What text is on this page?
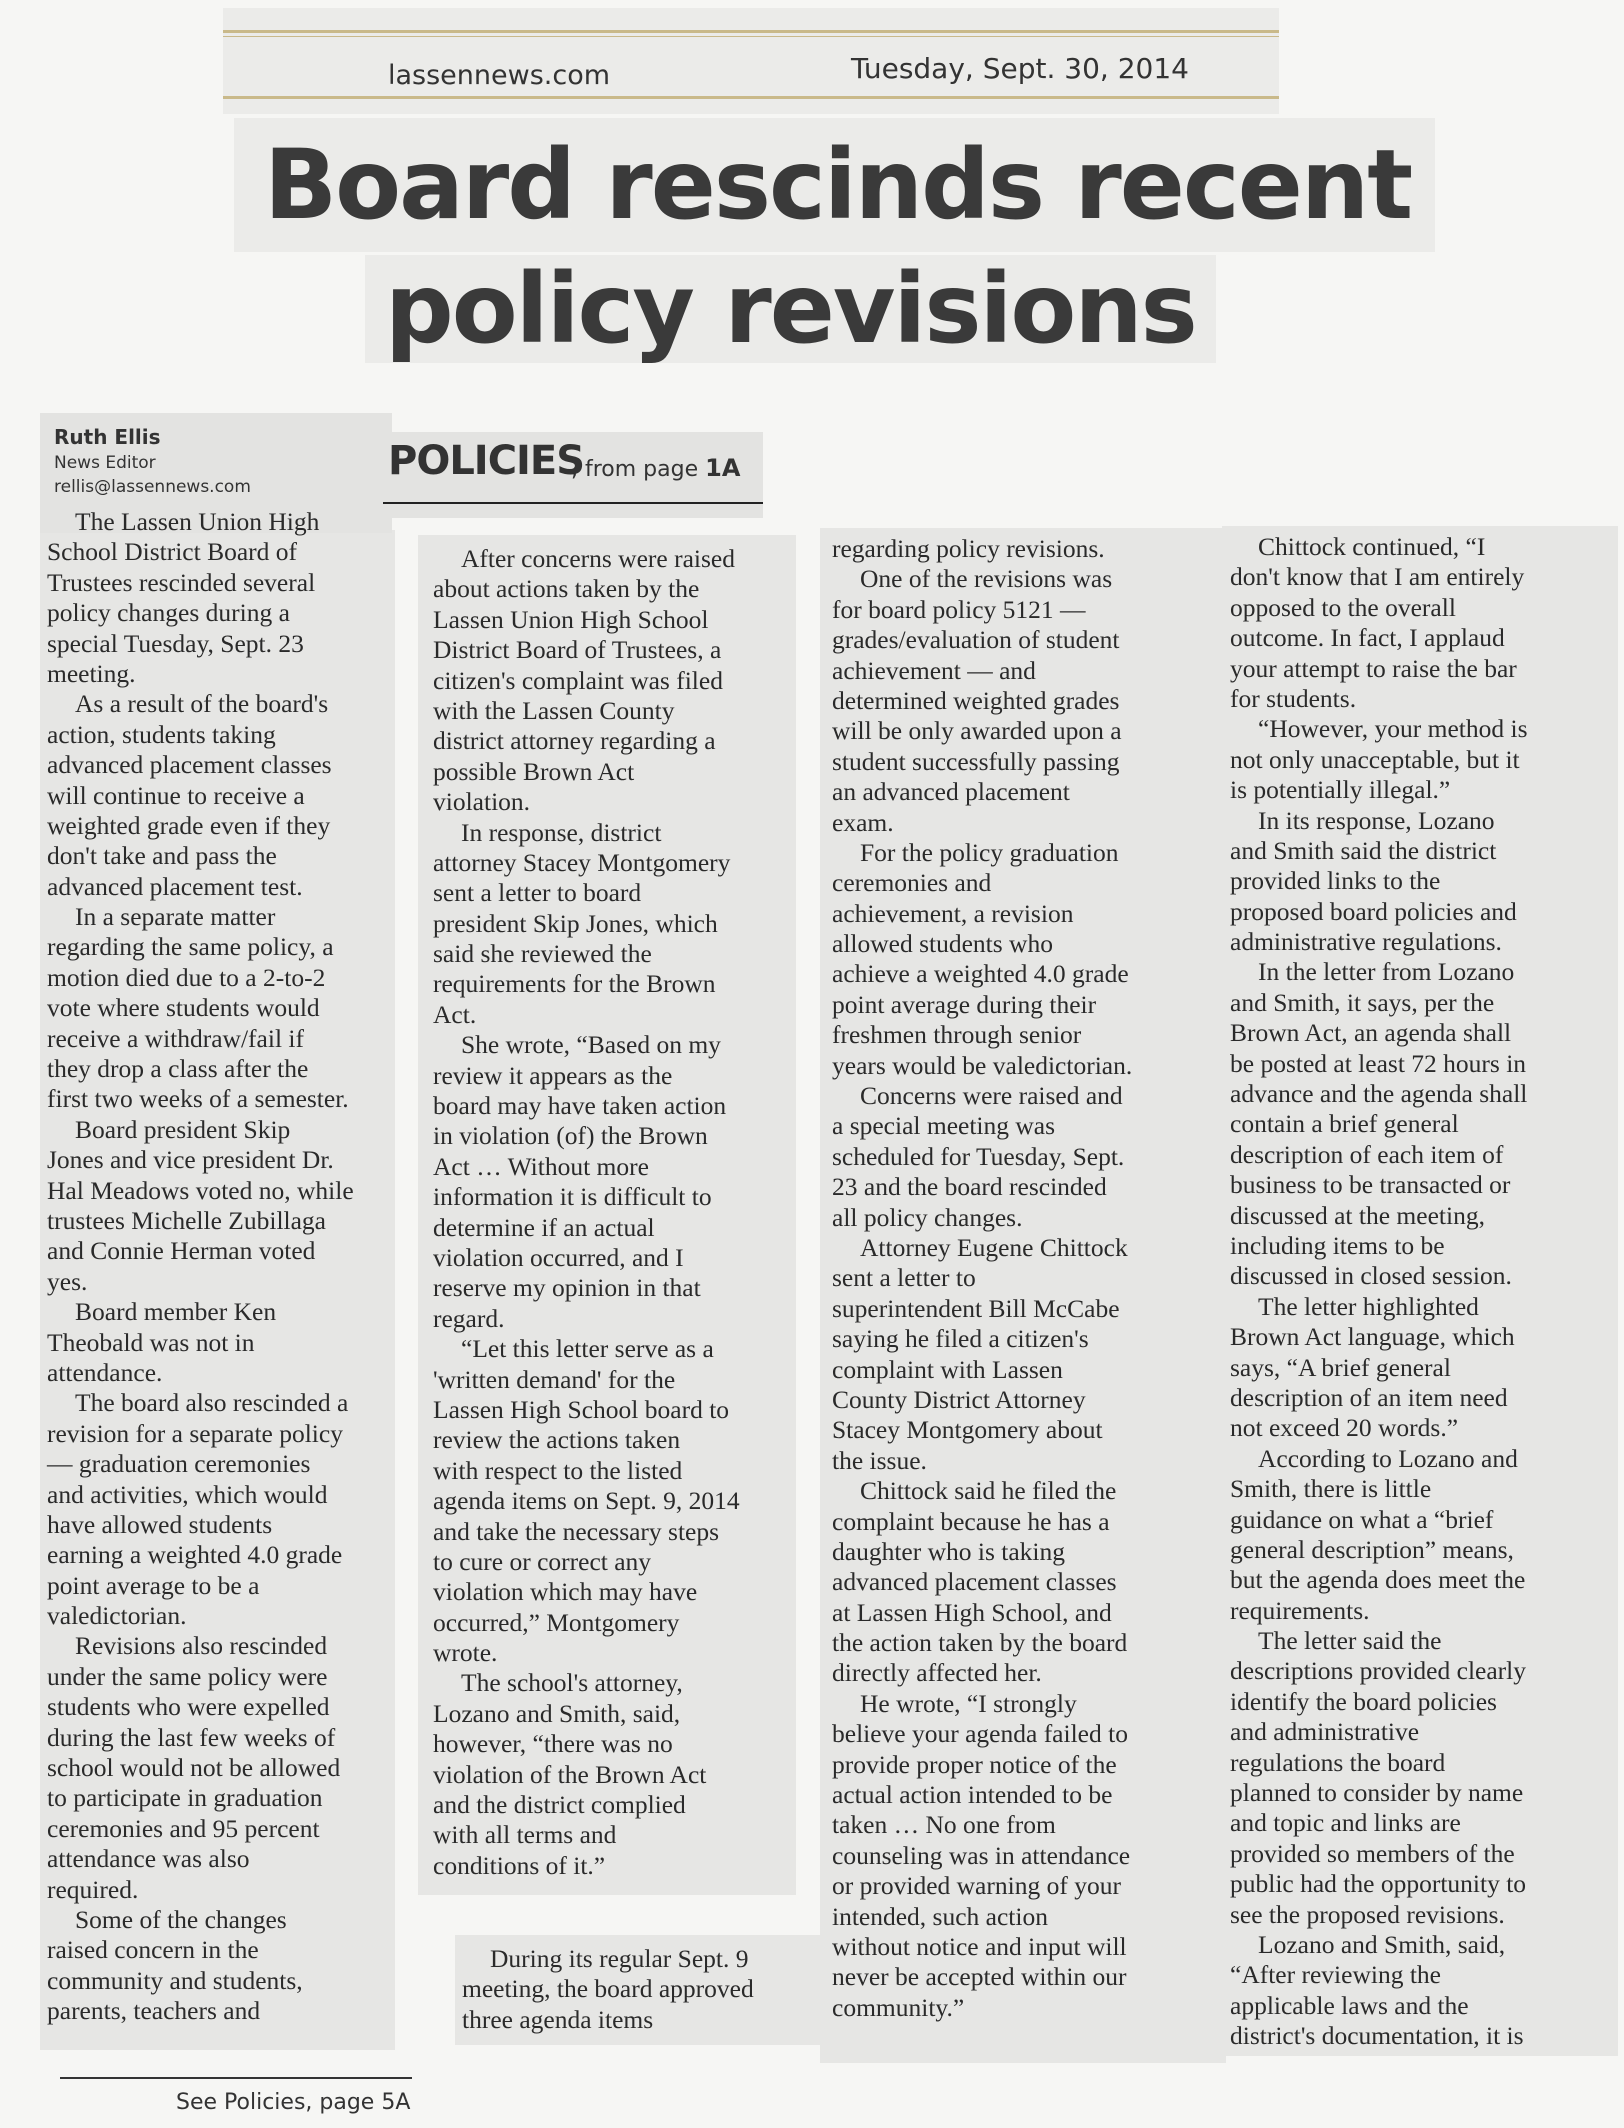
lassennews.com	Tuesday, Sept. 30, 2014
Board rescinds recent
policy revisions
Ruth Ellis
News Editor
rellis@lassennews.com
POLICIES
, from page 1A
The Lassen Union High
School District Board of
Trustees rescinded several
policy changes during a
special Tuesday, Sept. 23
meeting.
As a result of the board's
action, students taking
advanced placement classes
will continue to receive a
weighted grade even if they
don't take and pass the
advanced placement test.
In a separate matter
regarding the same policy, a
motion died due to a 2-to-2
vote where students would
receive a withdraw/fail if
they drop a class after the
first two weeks of a semester.
Board president Skip
Jones and vice president Dr.
Hal Meadows voted no, while
trustees Michelle Zubillaga
and Connie Herman voted
yes.
Board member Ken
Theobald was not in
attendance.
The board also rescinded a
revision for a separate policy
— graduation ceremonies
and activities, which would
have allowed students
earning a weighted 4.0 grade
point average to be a
valedictorian.
Revisions also rescinded
under the same policy were
students who were expelled
during the last few weeks of
school would not be allowed
to participate in graduation
ceremonies and 95 percent
attendance was also
required.
Some of the changes
raised concern in the
community and students,
parents, teachers and
After concerns were raised
about actions taken by the
Lassen Union High School
District Board of Trustees, a
citizen's complaint was filed
with the Lassen County
district attorney regarding a
possible Brown Act
violation.
In response, district
attorney Stacey Montgomery
sent a letter to board
president Skip Jones, which
said she reviewed the
requirements for the Brown
Act.
She wrote, “Based on my
review it appears as the
board may have taken action
in violation (of) the Brown
Act … Without more
information it is difficult to
determine if an actual
violation occurred, and I
reserve my opinion in that
regard.
“Let this letter serve as a
'written demand' for the
Lassen High School board to
review the actions taken
with respect to the listed
agenda items on Sept. 9, 2014
and take the necessary steps
to cure or correct any
violation which may have
occurred,” Montgomery
wrote.
The school's attorney,
Lozano and Smith, said,
however, “there was no
violation of the Brown Act
and the district complied
with all terms and
conditions of it.”
During its regular Sept. 9
meeting, the board approved
three agenda items
regarding policy revisions.
One of the revisions was
for board policy 5121 —
grades/evaluation of student
achievement — and
determined weighted grades
will be only awarded upon a
student successfully passing
an advanced placement
exam.
For the policy graduation
ceremonies and
achievement, a revision
allowed students who
achieve a weighted 4.0 grade
point average during their
freshmen through senior
years would be valedictorian.
Concerns were raised and
a special meeting was
scheduled for Tuesday, Sept.
23 and the board rescinded
all policy changes.
Attorney Eugene Chittock
sent a letter to
superintendent Bill McCabe
saying he filed a citizen's
complaint with Lassen
County District Attorney
Stacey Montgomery about
the issue.
Chittock said he filed the
complaint because he has a
daughter who is taking
advanced placement classes
at Lassen High School, and
the action taken by the board
directly affected her.
He wrote, “I strongly
believe your agenda failed to
provide proper notice of the
actual action intended to be
taken … No one from
counseling was in attendance
or provided warning of your
intended, such action
without notice and input will
never be accepted within our
community.”
Chittock continued, “I
don't know that I am entirely
opposed to the overall
outcome. In fact, I applaud
your attempt to raise the bar
for students.
“However, your method is
not only unacceptable, but it
is potentially illegal.”
In its response, Lozano
and Smith said the district
provided links to the
proposed board policies and
administrative regulations.
In the letter from Lozano
and Smith, it says, per the
Brown Act, an agenda shall
be posted at least 72 hours in
advance and the agenda shall
contain a brief general
description of each item of
business to be transacted or
discussed at the meeting,
including items to be
discussed in closed session.
The letter highlighted
Brown Act language, which
says, “A brief general
description of an item need
not exceed 20 words.”
According to Lozano and
Smith, there is little
guidance on what a “brief
general description” means,
but the agenda does meet the
requirements.
The letter said the
descriptions provided clearly
identify the board policies
and administrative
regulations the board
planned to consider by name
and topic and links are
provided so members of the
public had the opportunity to
see the proposed revisions.
Lozano and Smith, said,
“After reviewing the
applicable laws and the
district's documentation, it is
See Policies, page 5A
